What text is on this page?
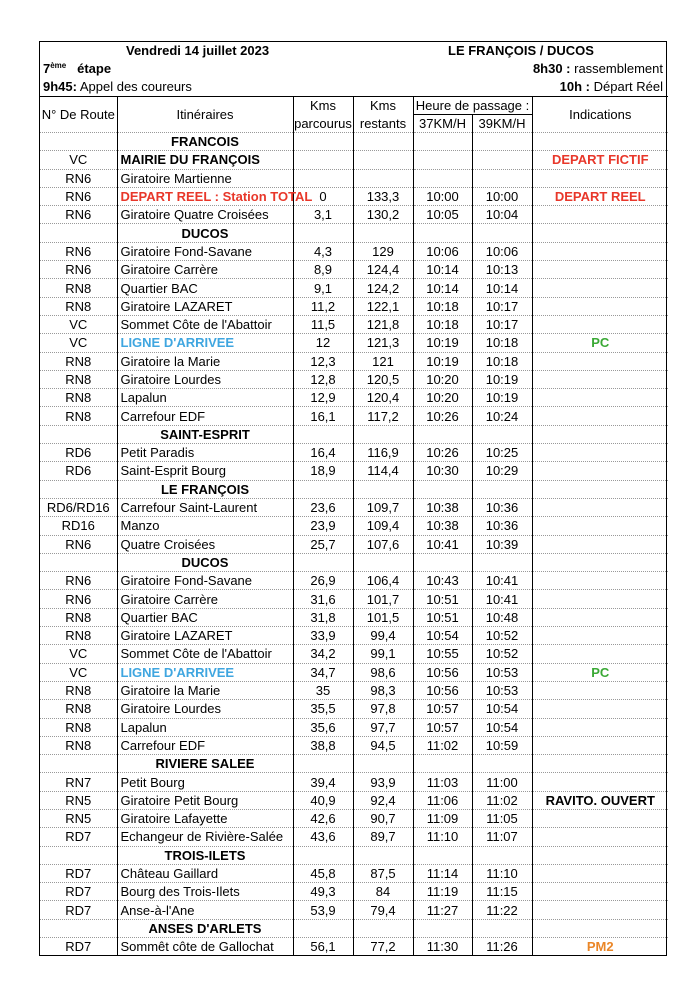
Vendredi 14 juillet 2023	LE FRANÇOIS / DUCOS
7ème étape	8h30 : rassemblement
9h45: Appel des coureurs	10h : Départ Réel
N° De Route	Itinéraires	Kms	Kms	Heure de passage :		Indications
		parcourus	restants	37KM/H	39KM/H	
	FRANCOIS					
VC	MAIRIE DU FRANÇOIS					DEPART FICTIF
RN6	Giratoire Martienne					
RN6	DEPART REEL : Station TOTAL	0	133,3	10:00	10:00	DEPART REEL
RN6	Giratoire Quatre Croisées	3,1	130,2	10:05	10:04	
	DUCOS					
RN6	Giratoire Fond-Savane	4,3	129	10:06	10:06	
RN6	Giratoire Carrère	8,9	124,4	10:14	10:13	
RN8	Quartier BAC	9,1	124,2	10:14	10:14	
RN8	Giratoire LAZARET	11,2	122,1	10:18	10:17	
VC	Sommet Côte de l'Abattoir	11,5	121,8	10:18	10:17	
VC	LIGNE D'ARRIVEE	12	121,3	10:19	10:18	PC
RN8	Giratoire la Marie	12,3	121	10:19	10:18	
RN8	Giratoire Lourdes	12,8	120,5	10:20	10:19	
RN8	Lapalun	12,9	120,4	10:20	10:19	
RN8	Carrefour EDF	16,1	117,2	10:26	10:24	
	SAINT-ESPRIT					
RD6	Petit Paradis	16,4	116,9	10:26	10:25	
RD6	Saint-Esprit Bourg	18,9	114,4	10:30	10:29	
	LE FRANÇOIS					
RD6/RD16	Carrefour Saint-Laurent	23,6	109,7	10:38	10:36	
RD16	Manzo	23,9	109,4	10:38	10:36	
RN6	Quatre Croisées	25,7	107,6	10:41	10:39	
	DUCOS					
RN6	Giratoire Fond-Savane	26,9	106,4	10:43	10:41	
RN6	Giratoire Carrère	31,6	101,7	10:51	10:41	
RN8	Quartier BAC	31,8	101,5	10:51	10:48	
RN8	Giratoire LAZARET	33,9	99,4	10:54	10:52	
VC	Sommet Côte de l'Abattoir	34,2	99,1	10:55	10:52	
VC	LIGNE D'ARRIVEE	34,7	98,6	10:56	10:53	PC
RN8	Giratoire la Marie	35	98,3	10:56	10:53	
RN8	Giratoire Lourdes	35,5	97,8	10:57	10:54	
RN8	Lapalun	35,6	97,7	10:57	10:54	
RN8	Carrefour EDF	38,8	94,5	11:02	10:59	
	RIVIERE SALEE					
RN7	Petit Bourg	39,4	93,9	11:03	11:00	
RN5	Giratoire Petit Bourg	40,9	92,4	11:06	11:02	RAVITO. OUVERT
RN5	Giratoire Lafayette	42,6	90,7	11:09	11:05	
RD7	Echangeur de Rivière-Salée	43,6	89,7	11:10	11:07	
	TROIS-ILETS					
RD7	Château Gaillard	45,8	87,5	11:14	11:10	
RD7	Bourg des Trois-Ilets	49,3	84	11:19	11:15	
RD7	Anse-à-l'Ane	53,9	79,4	11:27	11:22	
	ANSES D'ARLETS					
RD7	Sommêt côte de Gallochat	56,1	77,2	11:30	11:26	PM2
